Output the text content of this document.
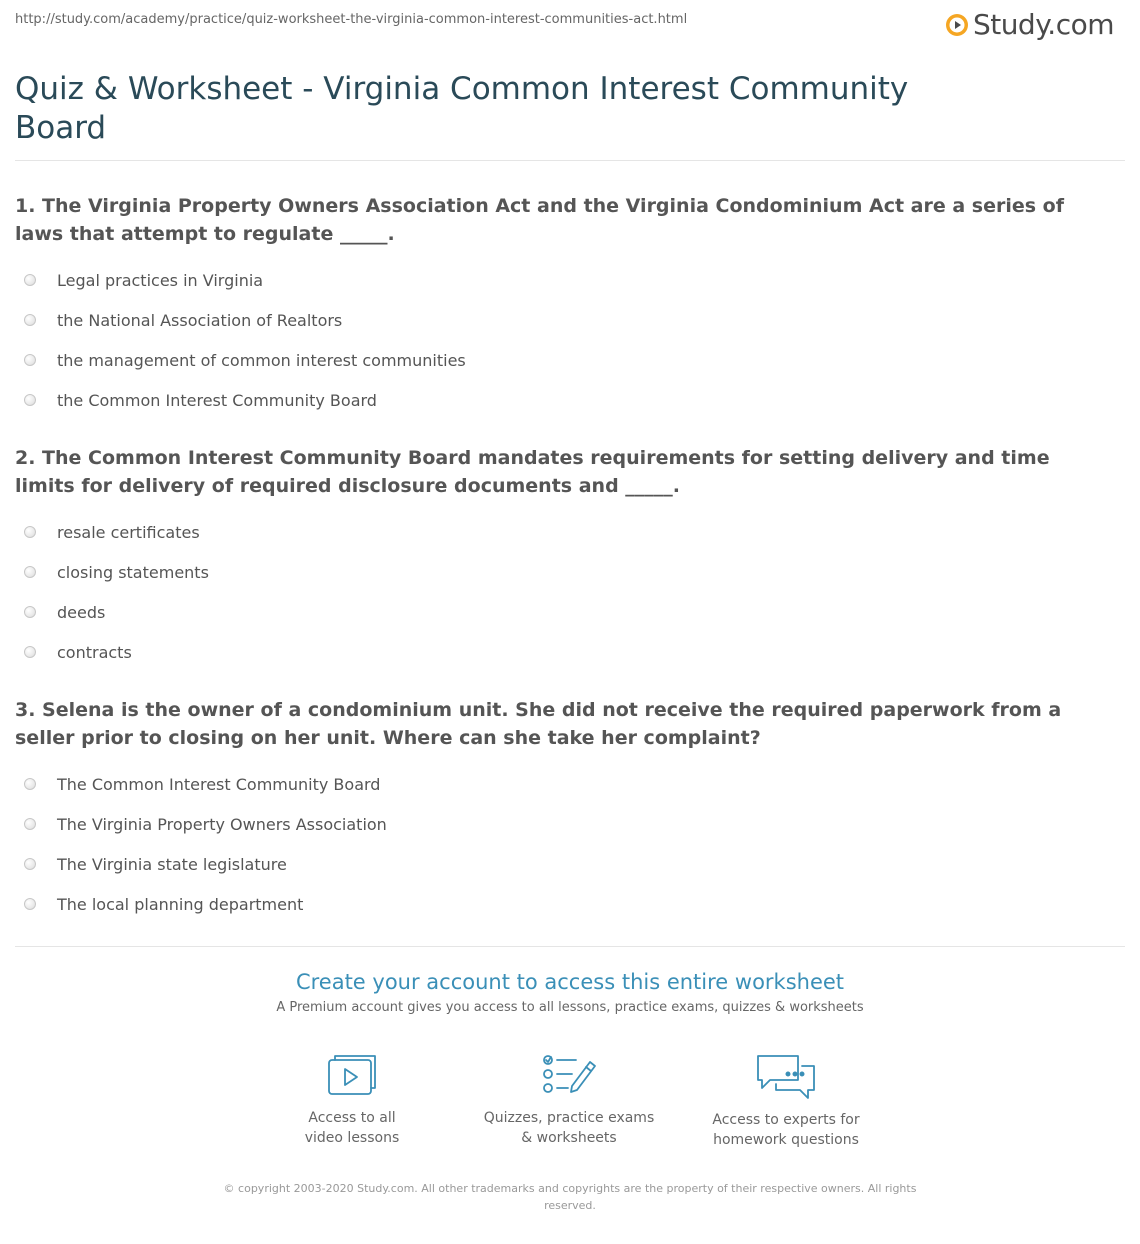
http://study.com/academy/practice/quiz-worksheet-the-virginia-common-interest-communities-act.html	Study.com
Quiz & Worksheet - Virginia Common Interest Community Board

1. The Virginia Property Owners Association Act and the Virginia Condominium Act are a series of laws that attempt to regulate _____.

Legal practices in Virginia
the National Association of Realtors
the management of common interest communities
the Common Interest Community Board

2. The Common Interest Community Board mandates requirements for setting delivery and time limits for delivery of required disclosure documents and _____.

resale certificates
closing statements
deeds
contracts

3. Selena is the owner of a condominium unit. She did not receive the required paperwork from a seller prior to closing on her unit. Where can she take her complaint?

The Common Interest Community Board
The Virginia Property Owners Association
The Virginia state legislature
The local planning department
Create your account to access this entire worksheet
A Premium account gives you access to all lessons, practice exams, quizzes & worksheets
Access to all
video lessons
Quizzes, practice exams
& worksheets
Access to experts for
homework questions
© copyright 2003-2020 Study.com. All other trademarks and copyrights are the property of their respective owners. All rights reserved.
